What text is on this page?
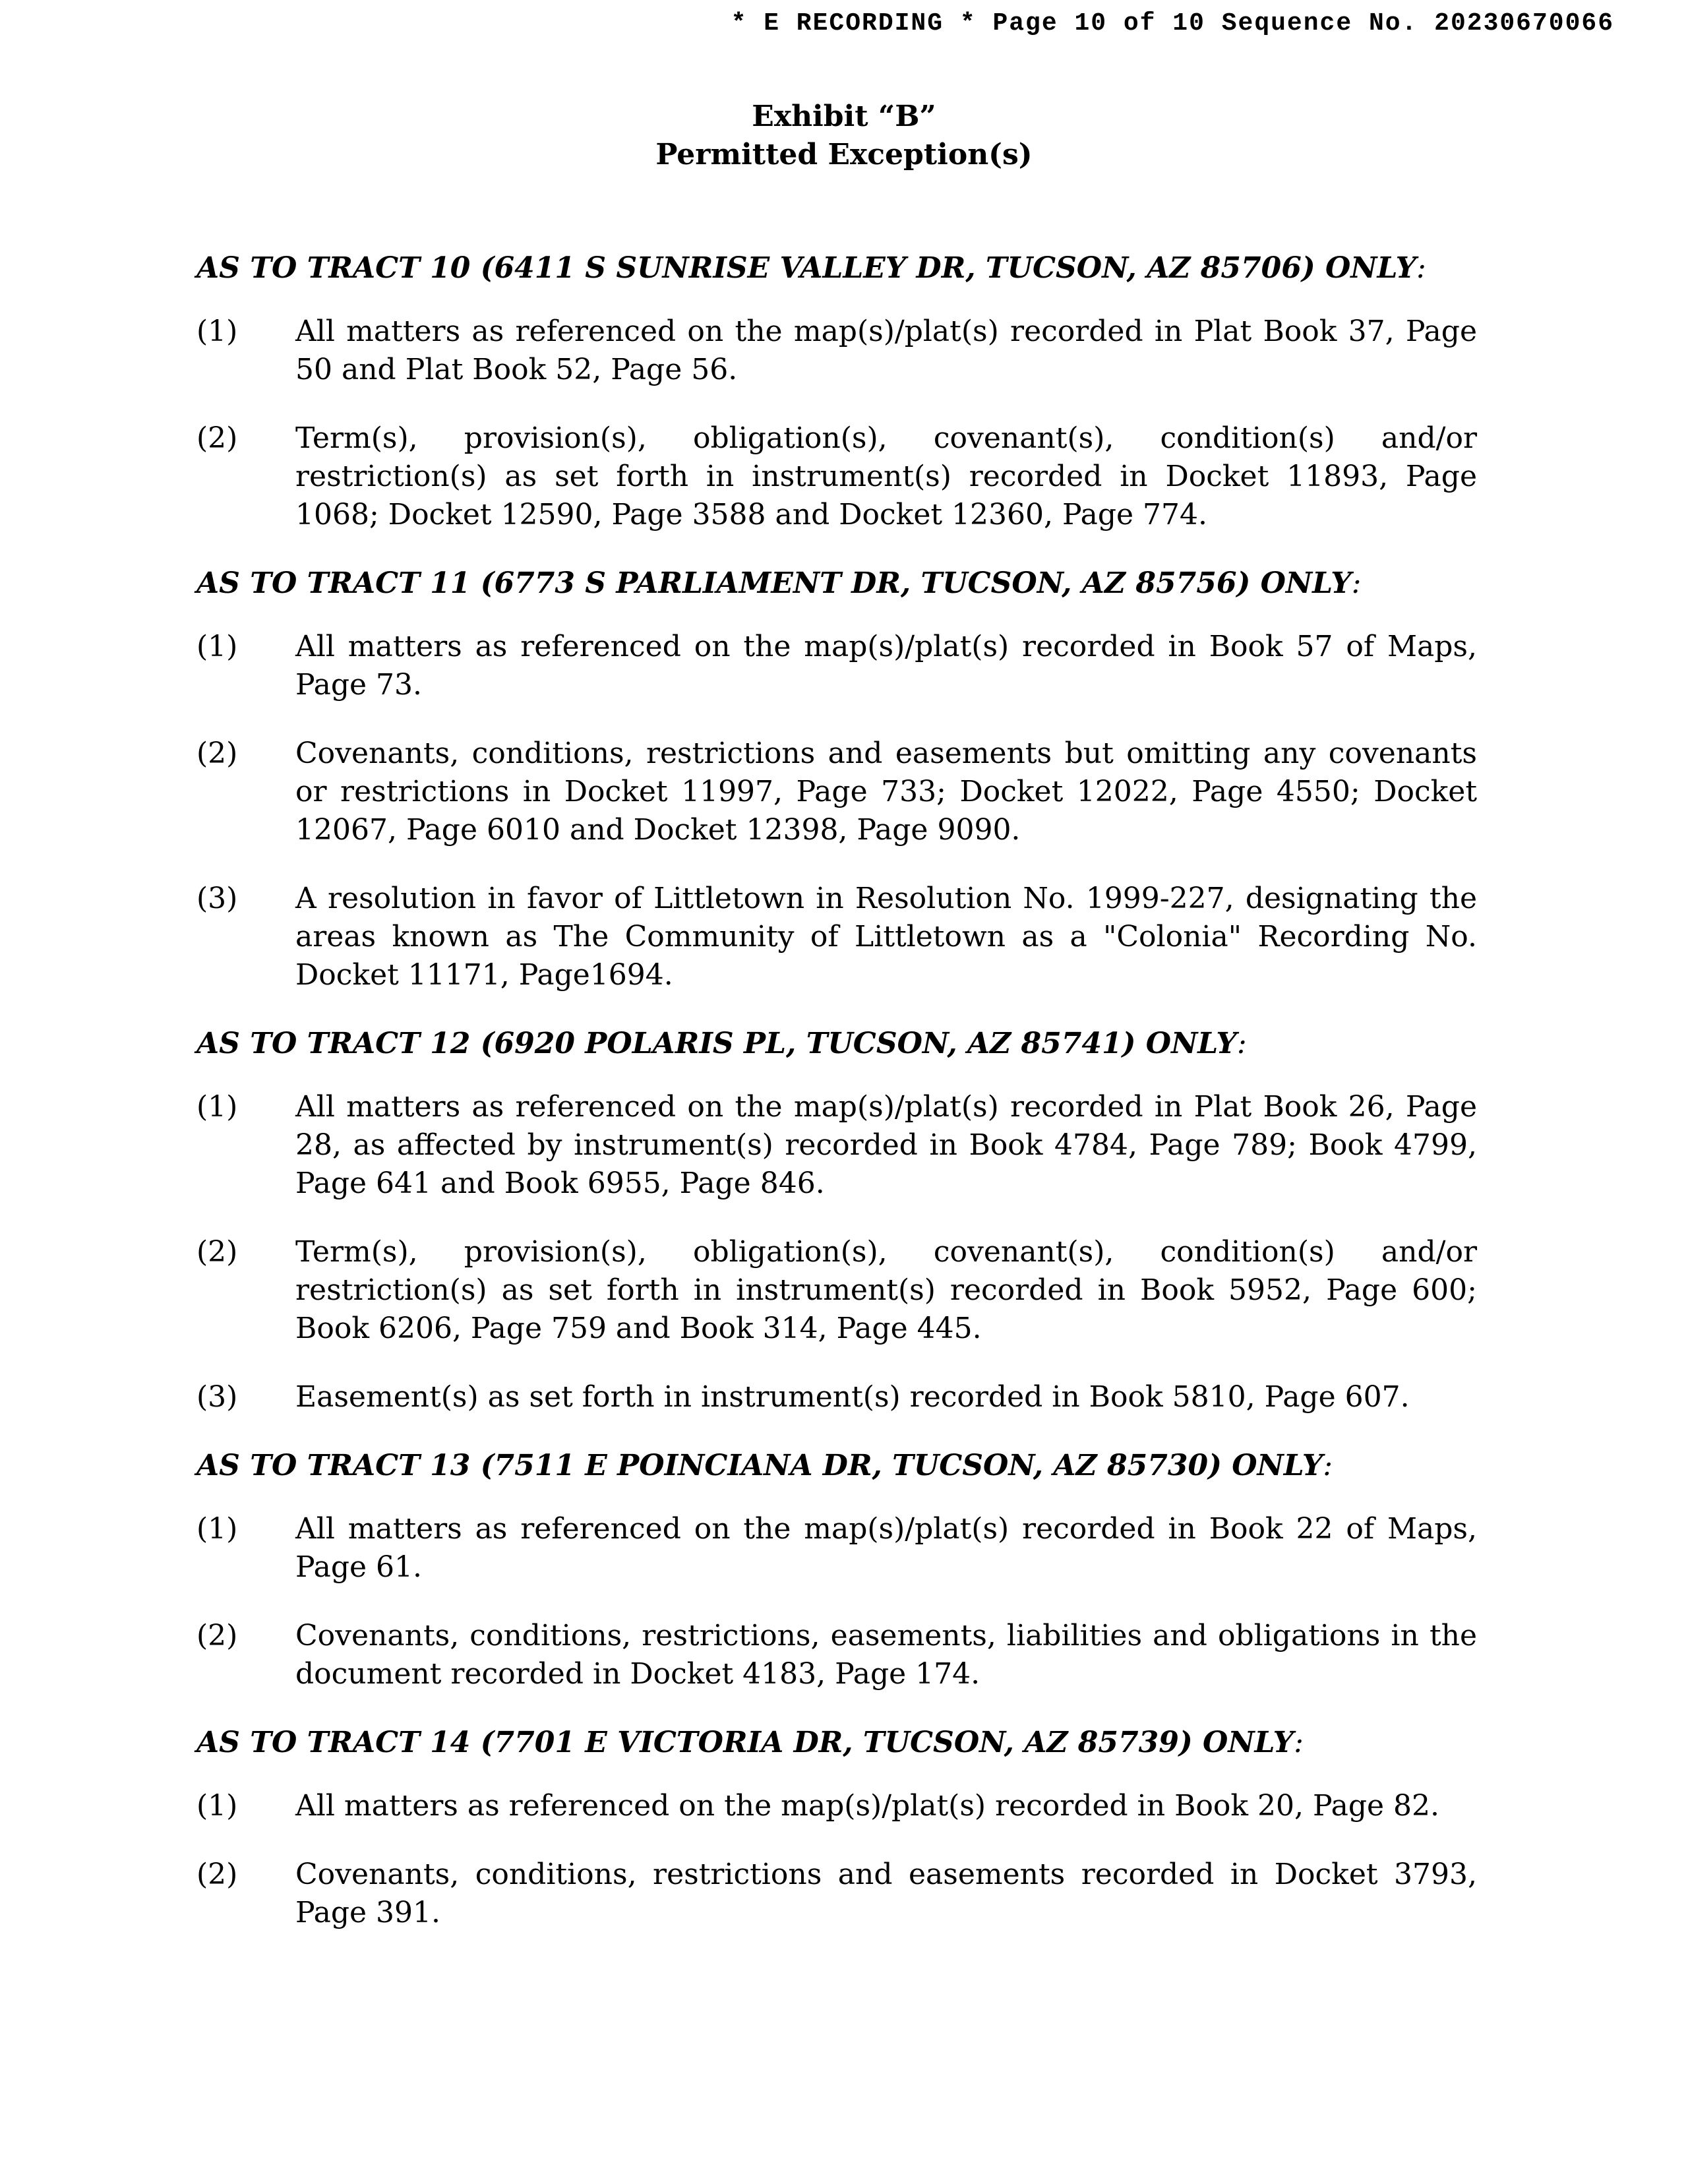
* E RECORDING * Page 10 of 10 Sequence No. 20230670066
Exhibit “B”
Permitted Exception(s)
AS TO TRACT 10 (6411 S SUNRISE VALLEY DR, TUCSON, AZ 85706) ONLY:
(1)	All matters as referenced on the map(s)/plat(s) recorded in Plat Book 37, Page 50 and Plat Book 52, Page 56.
(2)	Term(s), provision(s), obligation(s), covenant(s), condition(s) and/or restriction(s) as set forth in instrument(s) recorded in Docket 11893, Page 1068; Docket 12590, Page 3588 and Docket 12360, Page 774.
AS TO TRACT 11 (6773 S PARLIAMENT DR, TUCSON, AZ 85756) ONLY:
(1)	All matters as referenced on the map(s)/plat(s) recorded in Book 57 of Maps, Page 73.
(2)	Covenants, conditions, restrictions and easements but omitting any covenants or restrictions in Docket 11997, Page 733; Docket 12022, Page 4550; Docket 12067, Page 6010 and Docket 12398, Page 9090.
(3)	A resolution in favor of Littletown in Resolution No. 1999-227, designating the areas known as The Community of Littletown as a "Colonia" Recording No. Docket 11171, Page1694.
AS TO TRACT 12 (6920 POLARIS PL, TUCSON, AZ 85741) ONLY:
(1)	All matters as referenced on the map(s)/plat(s) recorded in Plat Book 26, Page 28, as affected by instrument(s) recorded in Book 4784, Page 789; Book 4799, Page 641 and Book 6955, Page 846.
(2)	Term(s), provision(s), obligation(s), covenant(s), condition(s) and/or restriction(s) as set forth in instrument(s) recorded in Book 5952, Page 600; Book 6206, Page 759 and Book 314, Page 445.
(3)	Easement(s) as set forth in instrument(s) recorded in Book 5810, Page 607.
AS TO TRACT 13 (7511 E POINCIANA DR, TUCSON, AZ 85730) ONLY:
(1)	All matters as referenced on the map(s)/plat(s) recorded in Book 22 of Maps, Page 61.
(2)	Covenants, conditions, restrictions, easements, liabilities and obligations in the document recorded in Docket 4183, Page 174.
AS TO TRACT 14 (7701 E VICTORIA DR, TUCSON, AZ 85739) ONLY:
(1)	All matters as referenced on the map(s)/plat(s) recorded in Book 20, Page 82.
(2)	Covenants, conditions, restrictions and easements recorded in Docket 3793, Page 391.
